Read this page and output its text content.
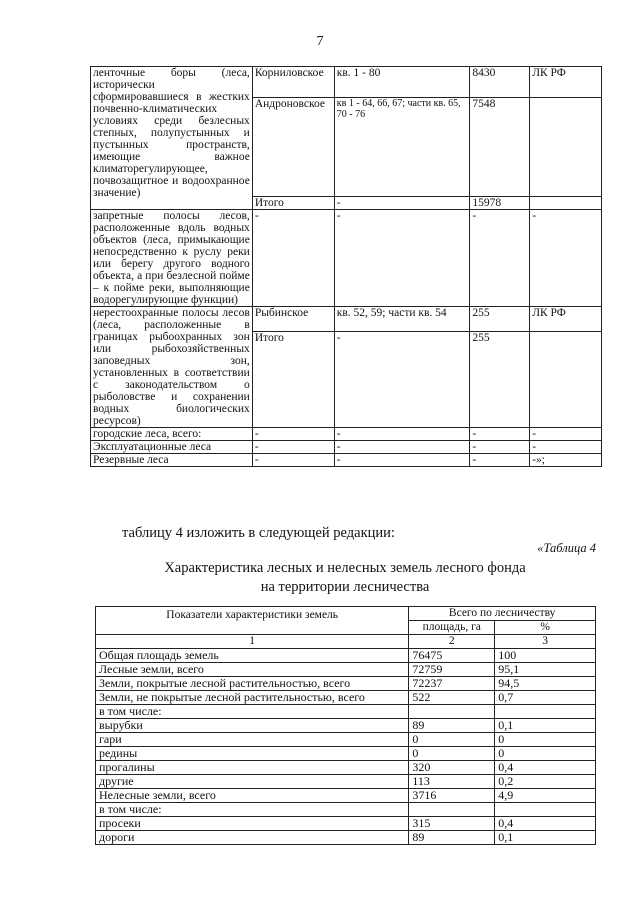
7
ленточные боры (леса, исторически сформировавшиеся в жестких почвенно-климатических условиях среди безлесных степных, полупустынных и пустынных пространств, имеющие важное климаторегулирующее, почвозащитное и водоохранное значение)	Корниловское	кв. 1 - 80	8430	ЛК РФ
	Андроновское	кв 1 - 64, 66, 67; части кв. 65, 70 - 76	7548	
	Итого	-	15978	
запретные полосы лесов, расположенные вдоль водных объектов (леса, примыкающие непосредственно к руслу реки или берегу другого водного объекта, а при безлесной пойме – к пойме реки, выполняющие водорегулирующие функции)	-	-	-	-
нерестоохранные полосы лесов (леса, расположенные в границах рыбоохранных зон или рыбохозяйственных заповедных зон, установленных в соответствии с законодательством о рыболовстве и сохранении водных биологических ресурсов)	Рыбинское	кв. 52, 59; части кв. 54	255	ЛК РФ
	Итого	-	255	
городские леса, всего:	-	-	-	-
Эксплуатационные леса	-	-	-	-
Резервные леса	-	-	-	-»;
таблицу 4 изложить в следующей редакции:
«Таблица 4
Характеристика лесных и нелесных земель лесного фонда
на территории лесничества
Показатели характеристики земель	Всего по лесничеству	
	площадь, га	%
1	2	3
Общая площадь земель	76475	100
Лесные земли, всего	72759	95,1
Земли, покрытые лесной растительностью, всего	72237	94,5
Земли, не покрытые лесной растительностью, всего	522	0,7
в том числе:		
вырубки	89	0,1
гари	0	0
редины	0	0
прогалины	320	0,4
другие	113	0,2
Нелесные земли, всего	3716	4,9
в том числе:		
просеки	315	0,4
дороги	89	0,1
